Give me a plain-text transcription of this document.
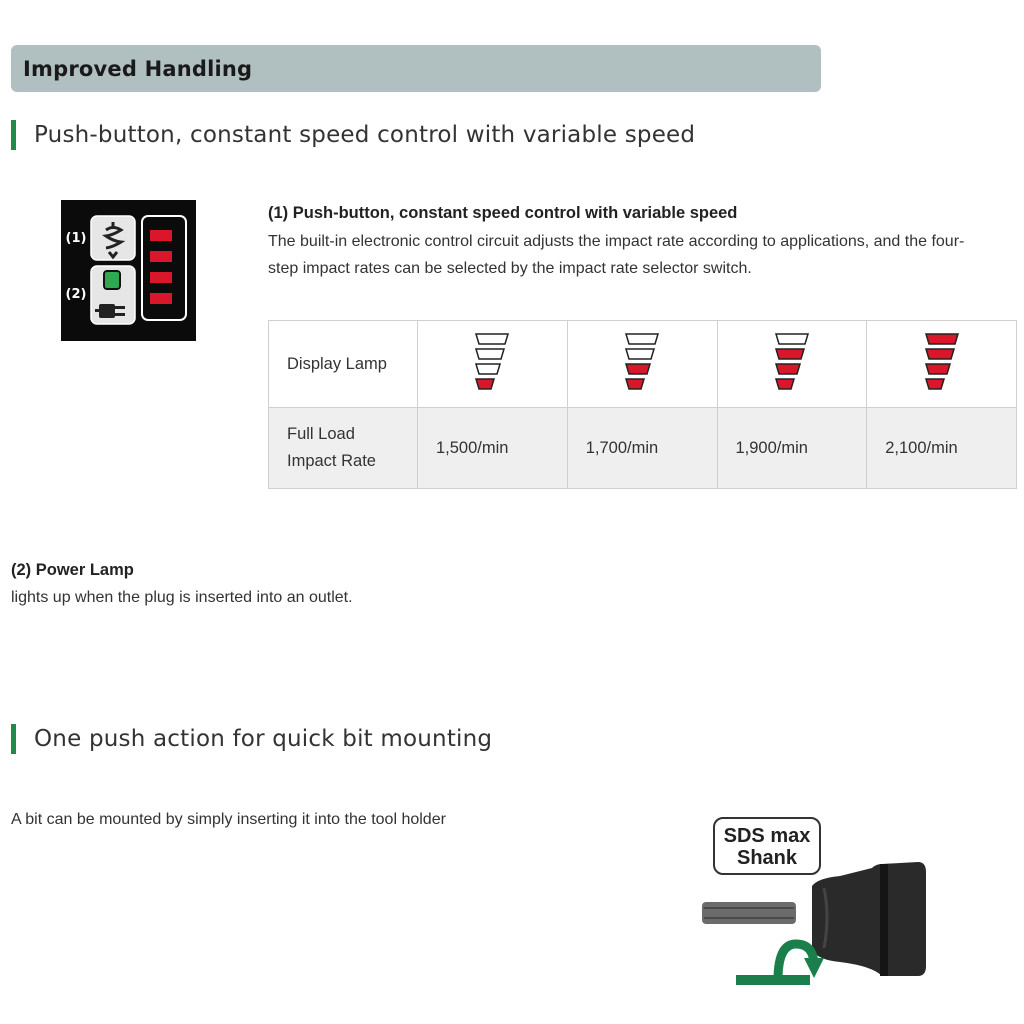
Improved Handling
Push-button, constant speed control with variable speed
(1)
(2)
(1) Push-button, constant speed control with variable speed
The built-in electronic control circuit adjusts the impact rate according to applications, and the four-
step impact rates can be selected by the impact rate selector switch.
Display Lamp				

Full Load
Impact Rate	1,500/min	1,700/min	1,900/min	2,100/min
(2) Power Lamp
lights up when the plug is inserted into an outlet.
One push action for quick bit mounting
A bit can be mounted by simply inserting it into the tool holder
SDS max
Shank
